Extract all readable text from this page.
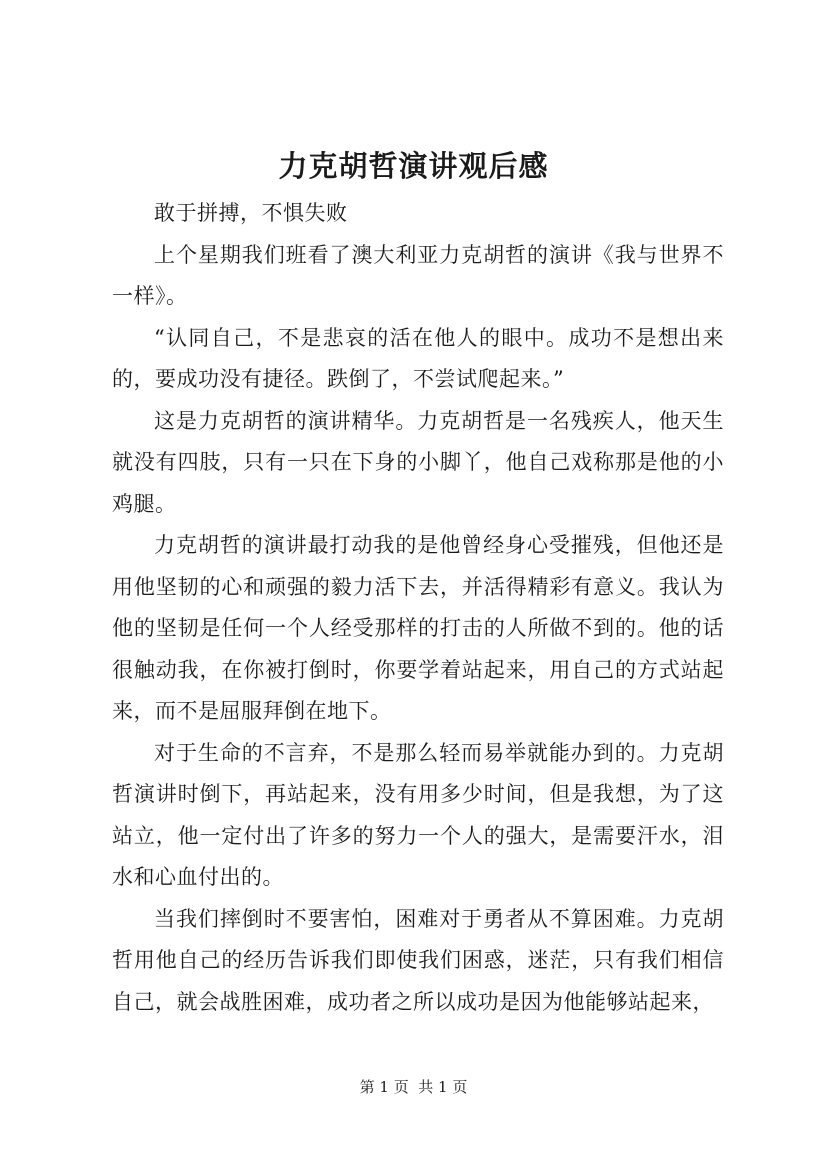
力克胡哲演讲观后感

敢于拼搏，不惧失败

上个星期我们班看了澳大利亚力克胡哲的演讲《我与世界不一样》。

“认同自己，不是悲哀的活在他人的眼中。成功不是想出来的，要成功没有捷径。跌倒了，不尝试爬起来。”

这是力克胡哲的演讲精华。力克胡哲是一名残疾人，他天生就没有四肢，只有一只在下身的小脚丫，他自己戏称那是他的小鸡腿。

力克胡哲的演讲最打动我的是他曾经身心受摧残，但他还是用他坚韧的心和顽强的毅力活下去，并活得精彩有意义。我认为他的坚韧是任何一个人经受那样的打击的人所做不到的。他的话很触动我，在你被打倒时，你要学着站起来，用自己的方式站起来，而不是屈服拜倒在地下。

对于生命的不言弃，不是那么轻而易举就能办到的。力克胡哲演讲时倒下，再站起来，没有用多少时间，但是我想，为了这站立，他一定付出了许多的努力一个人的强大，是需要汗水，泪水和心血付出的。

当我们摔倒时不要害怕，困难对于勇者从不算困难。力克胡哲用他自己的经历告诉我们即使我们困惑，迷茫，只有我们相信自己，就会战胜困难，成功者之所以成功是因为他能够站起来，

第 1 页  共 1 页
